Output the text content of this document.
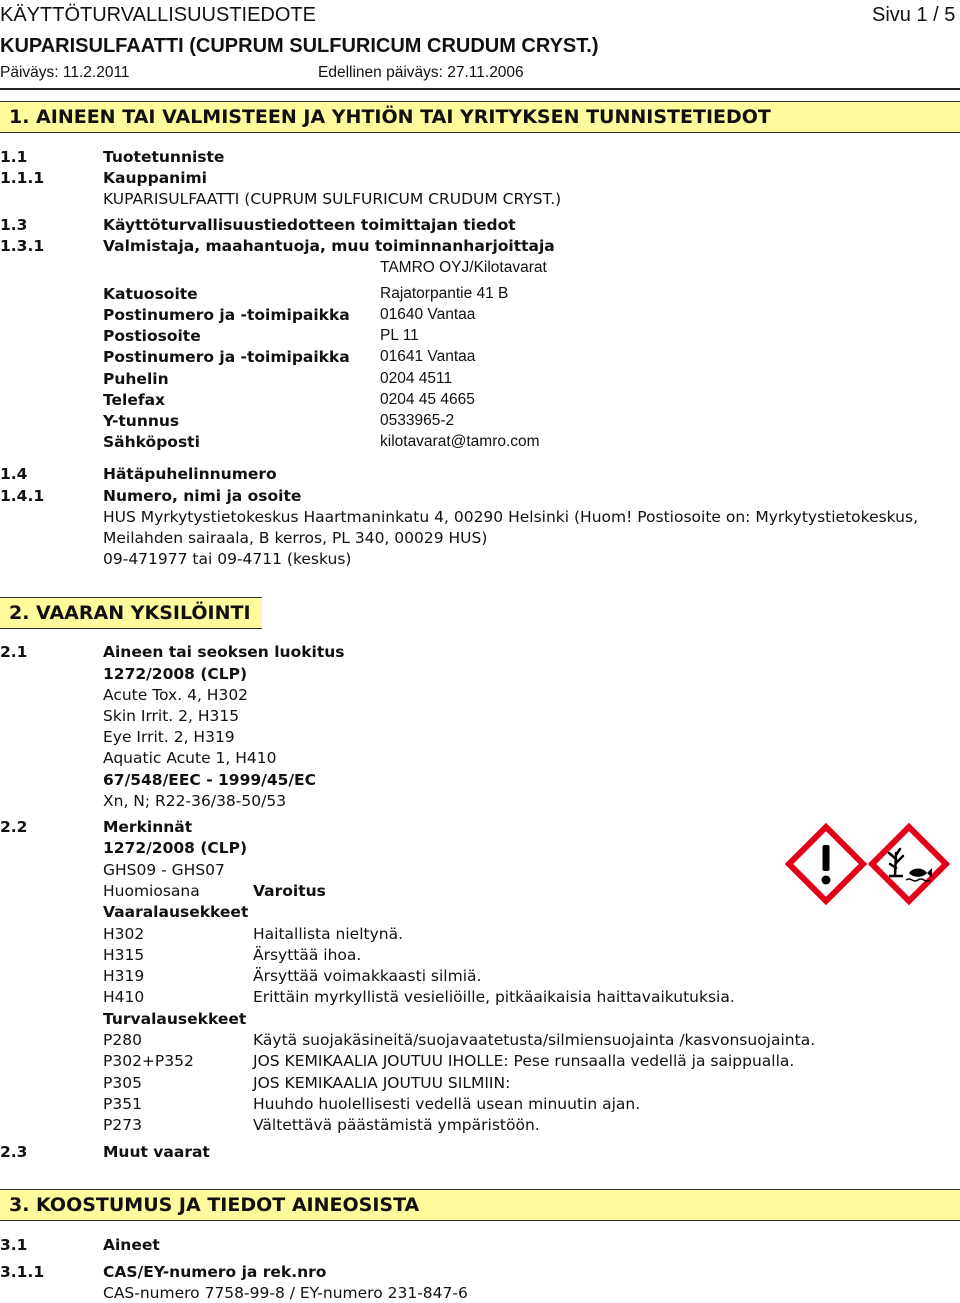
KÄYTTÖTURVALLISUUSTIEDOTE	Sivu 1 / 5
KUPARISULFAATTI (CUPRUM SULFURICUM CRUDUM CRYST.)
Päiväys: 11.2.2011	Edellinen päiväys: 27.11.2006
1. AINEEN TAI VALMISTEEN JA YHTIÖN TAI YRITYKSEN TUNNISTETIEDOT
1.1	Tuotetunniste
1.1.1	Kauppanimi
KUPARISULFAATTI (CUPRUM SULFURICUM CRUDUM CRYST.)
1.3	Käyttöturvallisuustiedotteen toimittajan tiedot
1.3.1	Valmistaja, maahantuoja, muu toiminnanharjoittaja
TAMRO OYJ/Kilotavarat
Katuosoite	Rajatorpantie 41 B
Postinumero ja -toimipaikka 01640 Vantaa
Postiosoite	PL 11
Postinumero ja -toimipaikka 01641 Vantaa
Puhelin	0204 4511
Telefax	0204 45 4665
Y-tunnus	0533965-2
Sähköposti	kilotavarat@tamro.com
1.4	Hätäpuhelinnumero
1.4.1	Numero, nimi ja osoite
HUS Myrkytystietokeskus Haartmaninkatu 4, 00290 Helsinki (Huom! Postiosoite on: Myrkytystietokeskus,
Meilahden sairaala, B kerros, PL 340, 00029 HUS)
09-471977 tai 09-4711 (keskus)
2. VAARAN YKSILÖINTI
2.1	Aineen tai seoksen luokitus
1272/2008 (CLP)
Acute Tox. 4, H302
Skin Irrit. 2, H315
Eye Irrit. 2, H319
Aquatic Acute 1, H410
67/548/EEC - 1999/45/EC
Xn, N; R22-36/38-50/53
2.2	Merkinnät
1272/2008 (CLP)
GHS09 - GHS07
Huomiosana	Varoitus
Vaaralausekkeet
H302	Haitallista nieltynä.
H315	Ärsyttää ihoa.
H319	Ärsyttää voimakkaasti silmiä.
H410	Erittäin myrkyllistä vesieliöille, pitkäaikaisia haittavaikutuksia.
Turvalausekkeet
P280	Käytä suojakäsineitä/suojavaatetusta/silmiensuojainta /kasvonsuojainta.
P302+P352	JOS KEMIKAALIA JOUTUU IHOLLE: Pese runsaalla vedellä ja saippualla.
P305	JOS KEMIKAALIA JOUTUU SILMIIN:
P351	Huuhdo huolellisesti vedellä usean minuutin ajan.
P273	Vältettävä päästämistä ympäristöön.
2.3	Muut vaarat
3. KOOSTUMUS JA TIEDOT AINEOSISTA
3.1	Aineet
3.1.1	CAS/EY-numero ja rek.nro
CAS-numero 7758-99-8 / EY-numero 231-847-6
